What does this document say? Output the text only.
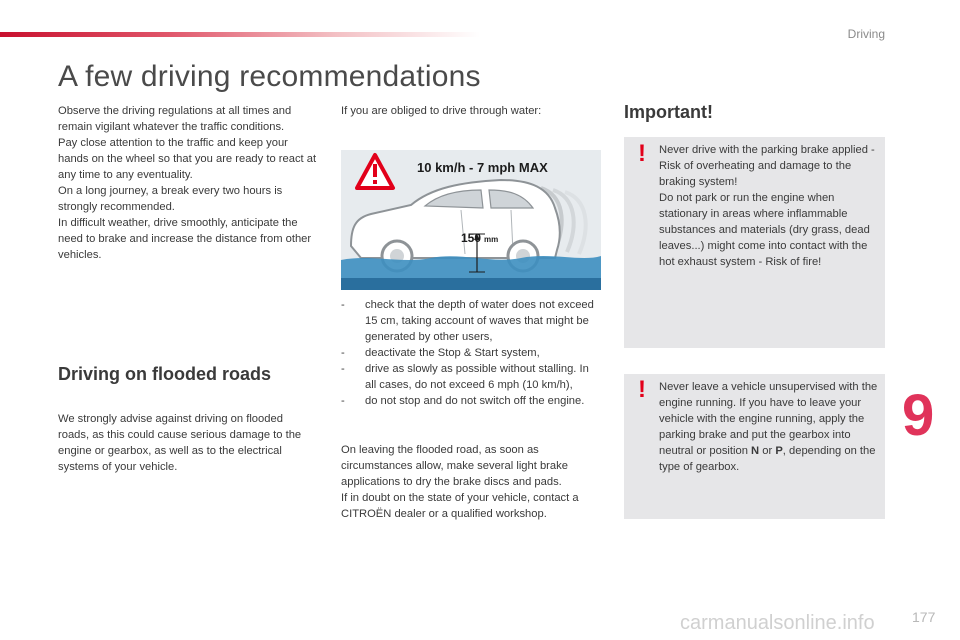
Driving
A few driving recommendations

Observe the driving regulations at all times and remain vigilant whatever the traffic conditions.

Pay close attention to the traffic and keep your hands on the wheel so that you are ready to react at any time to any eventuality.

On a long journey, a break every two hours is strongly recommended.

In difficult weather, drive smoothly, anticipate the need to brake and increase the distance from other vehicles.

Driving on flooded roads

We strongly advise against driving on flooded roads, as this could cause serious damage to the engine or gearbox, as well as to the electrical systems of your vehicle.

If you are obliged to drive through water:

150 mm
10 km/h - 7 mph MAX
-	check that the depth of water does not exceed 15 cm, taking account of waves that might be generated by other users,
-	deactivate the Stop & Start system,
-	drive as slowly as possible without stalling. In all cases, do not exceed 6 mph (10 km/h),
-	do not stop and do not switch off the engine.

On leaving the flooded road, as soon as circumstances allow, make several light brake applications to dry the brake discs and pads.

If in doubt on the state of your vehicle, contact a CITROËN dealer or a qualified workshop.

Important!
! Never drive with the parking brake applied - Risk of overheating and damage to the braking system!

Do not park or run the engine when stationary in areas where inflammable substances and materials (dry grass, dead leaves...) might come into contact with the hot exhaust system - Risk of fire!

! Never leave a vehicle unsupervised with the engine running. If you have to leave your vehicle with the engine running, apply the parking brake and put the gearbox into neutral or position N or P, depending on the type of gearbox.

9
carmanualsonline.info	177
